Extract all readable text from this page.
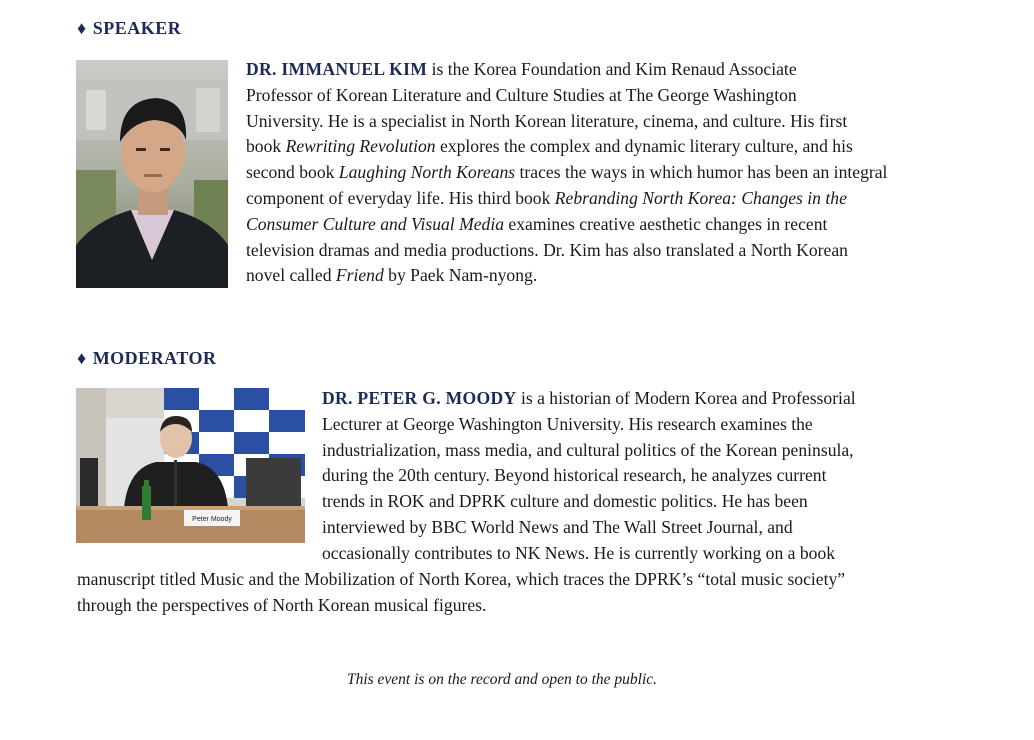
♦ SPEAKER
DR. IMMANUEL KIM is the Korea Foundation and Kim Renaud Associate
Professor of Korean Literature and Culture Studies at The George Washington
University. He is a specialist in North Korean literature, cinema, and culture. His first
book Rewriting Revolution explores the complex and dynamic literary culture, and his
second book Laughing North Koreans traces the ways in which humor has been an integral
component of everyday life. His third book Rebranding North Korea: Changes in the
Consumer Culture and Visual Media examines creative aesthetic changes in recent
television dramas and media productions. Dr. Kim has also translated a North Korean
novel called Friend by Paek Nam-nyong.
♦ MODERATOR
Peter Moody
DR. PETER G. MOODY is a historian of Modern Korea and Professorial
Lecturer at George Washington University. His research examines the
industrialization, mass media, and cultural politics of the Korean peninsula,
during the 20th century. Beyond historical research, he analyzes current
trends in ROK and DPRK culture and domestic politics. He has been
interviewed by BBC World News and The Wall Street Journal, and
occasionally contributes to NK News. He is currently working on a book
manuscript titled Music and the Mobilization of North Korea, which traces the DPRK’s “total music society”
through the perspectives of North Korean musical figures.
This event is on the record and open to the public.
